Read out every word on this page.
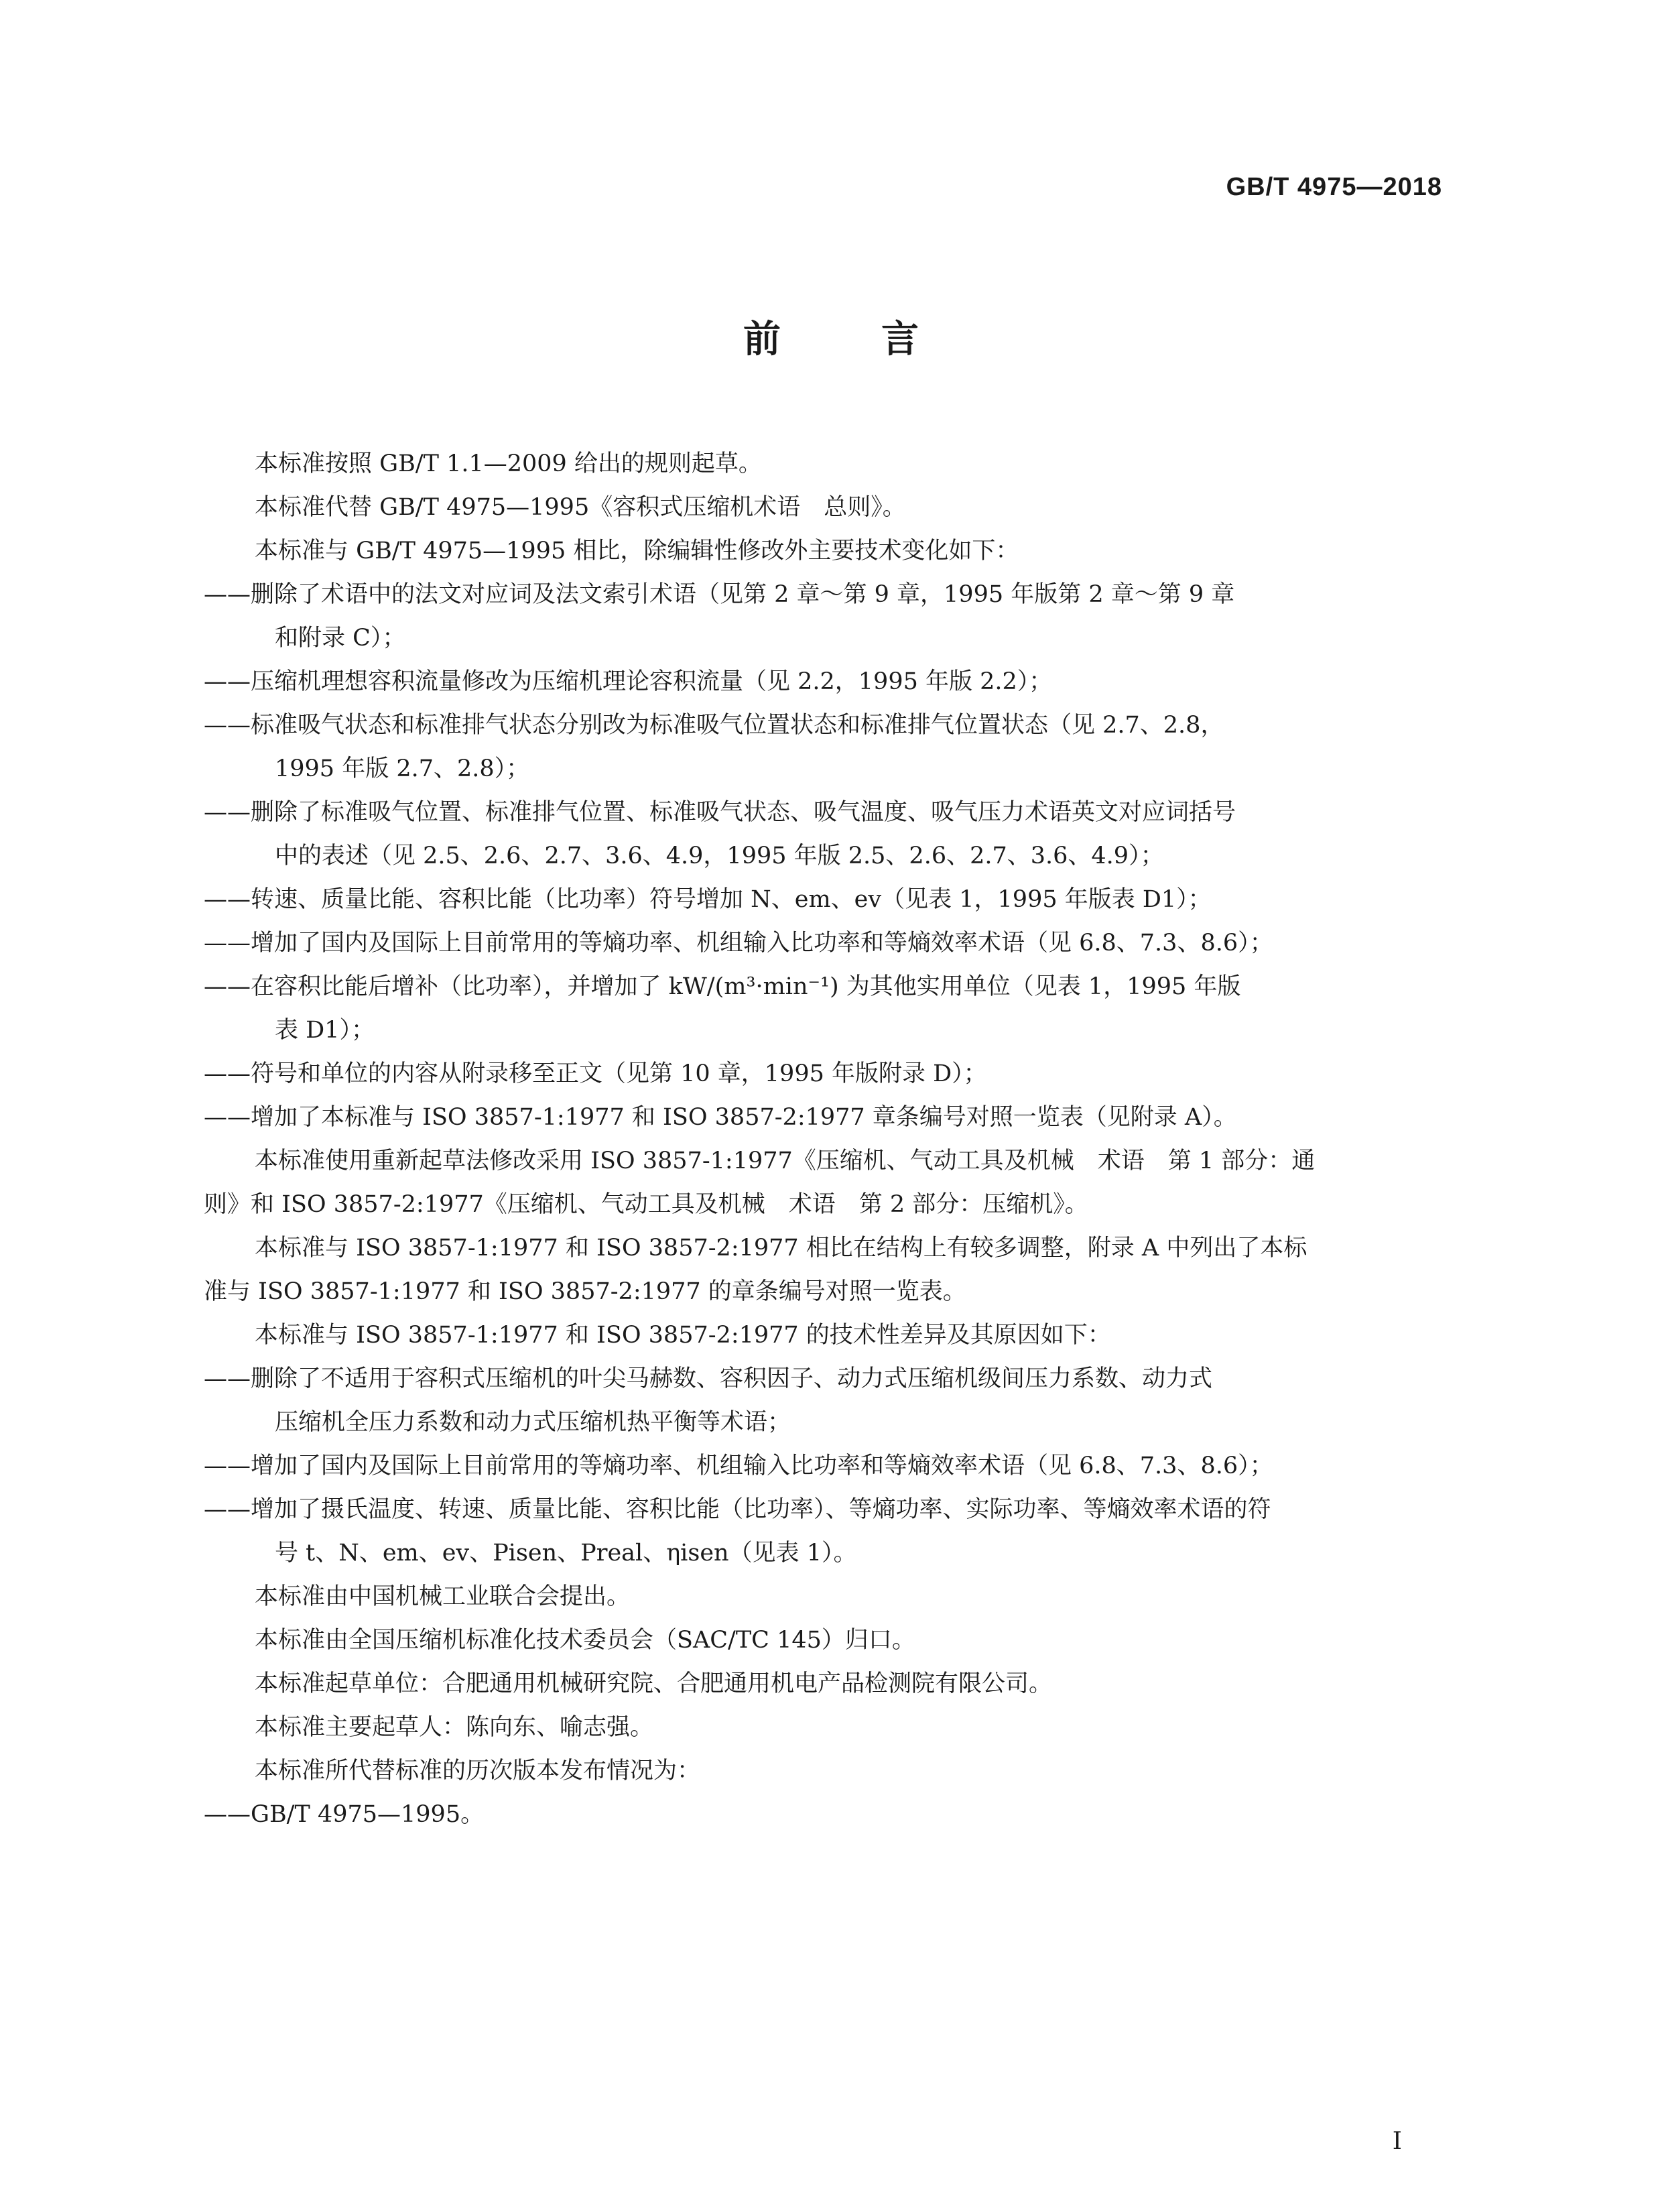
GB/T 4975—2018
前言
本标准按照 GB/T 1.1—2009 给出的规则起草。
本标准代替 GB/T 4975—1995《容积式压缩机术语　总则》。
本标准与 GB/T 4975—1995 相比，除编辑性修改外主要技术变化如下：
——删除了术语中的法文对应词及法文索引术语（见第 2 章～第 9 章，1995 年版第 2 章～第 9 章
和附录 C）；
——压缩机理想容积流量修改为压缩机理论容积流量（见 2.2，1995 年版 2.2）；
——标准吸气状态和标准排气状态分别改为标准吸气位置状态和标准排气位置状态（见 2.7、2.8，
1995 年版 2.7、2.8）；
——删除了标准吸气位置、标准排气位置、标准吸气状态、吸气温度、吸气压力术语英文对应词括号
中的表述（见 2.5、2.6、2.7、3.6、4.9，1995 年版 2.5、2.6、2.7、3.6、4.9）；
——转速、质量比能、容积比能（比功率）符号增加 N、em、ev（见表 1，1995 年版表 D1）；
——增加了国内及国际上目前常用的等熵功率、机组输入比功率和等熵效率术语（见 6.8、7.3、8.6）；
——在容积比能后增补（比功率），并增加了 kW/(m³·min⁻¹) 为其他实用单位（见表 1，1995 年版
表 D1）；
——符号和单位的内容从附录移至正文（见第 10 章，1995 年版附录 D）；
——增加了本标准与 ISO 3857-1:1977 和 ISO 3857-2:1977 章条编号对照一览表（见附录 A）。
本标准使用重新起草法修改采用 ISO 3857-1:1977《压缩机、气动工具及机械　术语　第 1 部分：通
则》和 ISO 3857-2:1977《压缩机、气动工具及机械　术语　第 2 部分：压缩机》。
本标准与 ISO 3857-1:1977 和 ISO 3857-2:1977 相比在结构上有较多调整，附录 A 中列出了本标
准与 ISO 3857-1:1977 和 ISO 3857-2:1977 的章条编号对照一览表。
本标准与 ISO 3857-1:1977 和 ISO 3857-2:1977 的技术性差异及其原因如下：
——删除了不适用于容积式压缩机的叶尖马赫数、容积因子、动力式压缩机级间压力系数、动力式
压缩机全压力系数和动力式压缩机热平衡等术语；
——增加了国内及国际上目前常用的等熵功率、机组输入比功率和等熵效率术语（见 6.8、7.3、8.6）；
——增加了摄氏温度、转速、质量比能、容积比能（比功率）、等熵功率、实际功率、等熵效率术语的符
号 t、N、em、ev、Pisen、Preal、ηisen（见表 1）。
本标准由中国机械工业联合会提出。
本标准由全国压缩机标准化技术委员会（SAC/TC 145）归口。
本标准起草单位：合肥通用机械研究院、合肥通用机电产品检测院有限公司。
本标准主要起草人：陈向东、喻志强。
本标准所代替标准的历次版本发布情况为：
——GB/T 4975—1995。
I
